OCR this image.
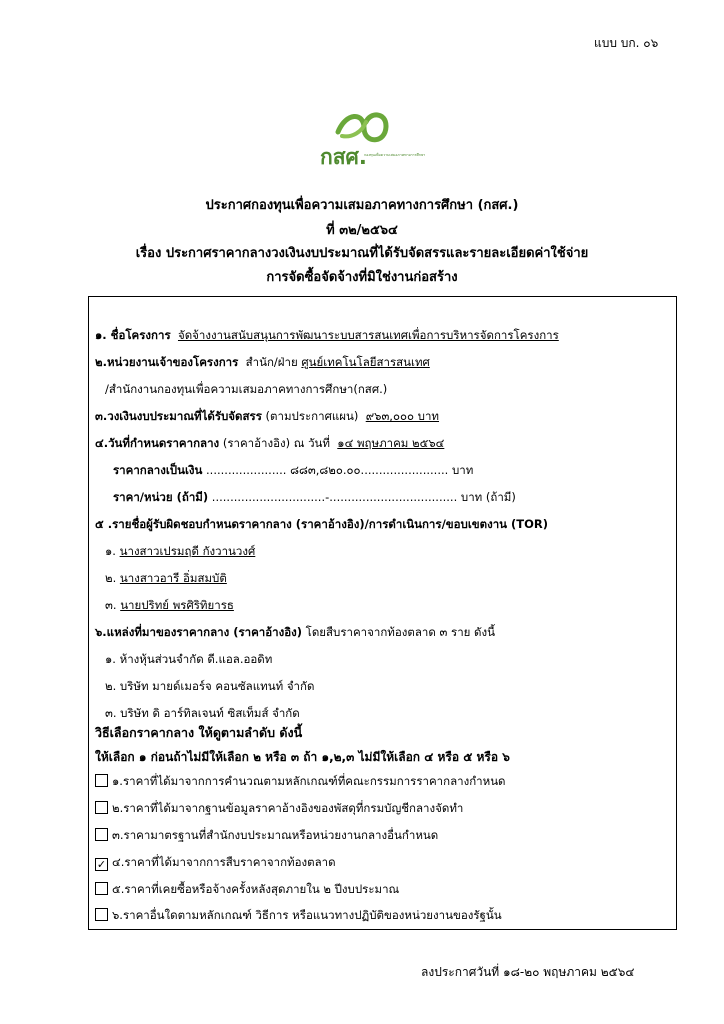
แบบ บก. ๐๖
กสศ.
กองทุนเพื่อความเสมอภาคทางการศึกษา
ประกาศกองทุนเพื่อความเสมอภาคทางการศึกษา (กสศ.)
ที่ ๓๒/๒๕๖๔
เรื่อง ประกาศราคากลางวงเงินงบประมาณที่ได้รับจัดสรรและรายละเอียดค่าใช้จ่าย
การจัดซื้อจัดจ้างที่มิใช่งานก่อสร้าง
๑. ชื่อโครงการ จัดจ้างงานสนับสนุนการพัฒนาระบบสารสนเทศเพื่อการบริหารจัดการโครงการ
๒.หน่วยงานเจ้าของโครงการ สำนัก/ฝ่าย ศูนย์เทคโนโลยีสารสนเทศ
/สำนักงานกองทุนเพื่อความเสมอภาคทางการศึกษา(กสศ.)
๓.วงเงินงบประมาณที่ได้รับจัดสรร (ตามประกาศแผน) ๙๖๓,๐๐๐ บาท
๔.วันที่กำหนดราคากลาง (ราคาอ้างอิง) ณ วันที่ ๑๔ พฤษภาคม ๒๕๖๔
ราคากลางเป็นเงิน ...................... ๘๘๓,๘๒๐.๐๐........................ บาท
ราคา/หน่วย (ถ้ามี) ...............................-................................... บาท (ถ้ามี)
๕ .รายชื่อผู้รับผิดชอบกำหนดราคากลาง (ราคาอ้างอิง)/การดำเนินการ/ขอบเขตงาน (TOR)
๑. นางสาวเปรมฤดี กังวานวงศ์
๒. นางสาวอารี อิ่มสมบัติ
๓. นายปริทย์ พรศิริทิยารธ
๖.แหล่งที่มาของราคากลาง (ราคาอ้างอิง) โดยสืบราคาจากท้องตลาด ๓ ราย ดังนี้
๑. ห้างหุ้นส่วนจำกัด ดี.แอล.ออดิท
๒. บริษัท มายด์เมอร์จ คอนซัลแทนท์ จำกัด
๓. บริษัท ดิ อาร์ทิลเจนท์ ซิสเท็มส์ จำกัด
วิธีเลือกราคากลาง ให้ดูตามลำดับ ดังนี้
ให้เลือก ๑ ก่อนถ้าไม่มีให้เลือก ๒ หรือ ๓ ถ้า ๑,๒,๓ ไม่มีให้เลือก ๔ หรือ ๕ หรือ ๖
๑.ราคาที่ได้มาจากการคำนวณตามหลักเกณฑ์ที่คณะกรรมการราคากลางกำหนด
๒.ราคาที่ได้มาจากฐานข้อมูลราคาอ้างอิงของพัสดุที่กรมบัญชีกลางจัดทำ
๓.ราคามาตรฐานที่สำนักงบประมาณหรือหน่วยงานกลางอื่นกำหนด
✓ ๔.ราคาที่ได้มาจากการสืบราคาจากท้องตลาด
๕.ราคาที่เคยซื้อหรือจ้างครั้งหลังสุดภายใน ๒ ปีงบประมาณ
๖.ราคาอื่นใดตามหลักเกณฑ์ วิธีการ หรือแนวทางปฏิบัติของหน่วยงานของรัฐนั้น
ลงประกาศวันที่ ๑๘-๒๐ พฤษภาคม ๒๕๖๔
